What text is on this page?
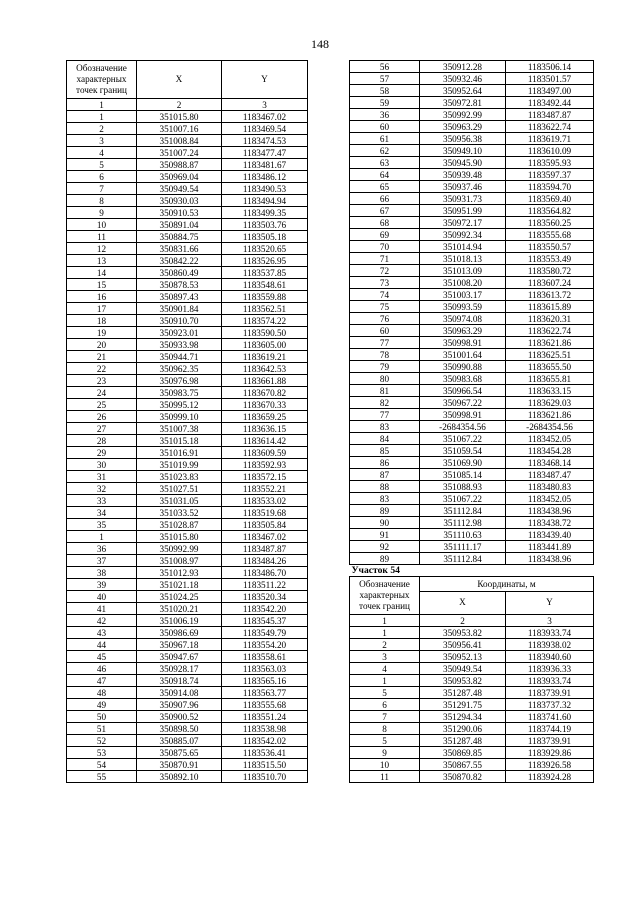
148
Обозначение характерных точек границ	X	Y
1	2	3
1	351015.80	1183467.02
2	351007.16	1183469.54
3	351008.84	1183474.53
4	351007.24	1183477.47
5	350988.87	1183481.67
6	350969.04	1183486.12
7	350949.54	1183490.53
8	350930.03	1183494.94
9	350910.53	1183499.35
10	350891.04	1183503.76
11	350884.75	1183505.18
12	350831.66	1183520.65
13	350842.22	1183526.95
14	350860.49	1183537.85
15	350878.53	1183548.61
16	350897.43	1183559.88
17	350901.84	1183562.51
18	350910.70	1183574.22
19	350923.01	1183590.50
20	350933.98	1183605.00
21	350944.71	1183619.21
22	350962.35	1183642.53
23	350976.98	1183661.88
24	350983.75	1183670.82
25	350995.12	1183670.33
26	350999.10	1183659.25
27	351007.38	1183636.15
28	351015.18	1183614.42
29	351016.91	1183609.59
30	351019.99	1183592.93
31	351023.83	1183572.15
32	351027.51	1183552.21
33	351031.05	1183533.02
34	351033.52	1183519.68
35	351028.87	1183505.84
1	351015.80	1183467.02
36	350992.99	1183487.87
37	351008.97	1183484.26
38	351012.93	1183486.70
39	351021.18	1183511.22
40	351024.25	1183520.34
41	351020.21	1183542.20
42	351006.19	1183545.37
43	350986.69	1183549.79
44	350967.18	1183554.20
45	350947.67	1183558.61
46	350928.17	1183563.03
47	350918.74	1183565.16
48	350914.08	1183563.77
49	350907.96	1183555.68
50	350900.52	1183551.24
51	350898.50	1183538.98
52	350885.07	1183542.02
53	350875.65	1183536.41
54	350870.91	1183515.50
55	350892.10	1183510.70
56	350912.28	1183506.14
57	350932.46	1183501.57
58	350952.64	1183497.00
59	350972.81	1183492.44
36	350992.99	1183487.87
60	350963.29	1183622.74
61	350956.38	1183619.71
62	350949.10	1183610.09
63	350945.90	1183595.93
64	350939.48	1183597.37
65	350937.46	1183594.70
66	350931.73	1183569.40
67	350951.99	1183564.82
68	350972.17	1183560.25
69	350992.34	1183555.68
70	351014.94	1183550.57
71	351018.13	1183553.49
72	351013.09	1183580.72
73	351008.20	1183607.24
74	351003.17	1183613.72
75	350993.59	1183615.89
76	350974.08	1183620.31
60	350963.29	1183622.74
77	350998.91	1183621.86
78	351001.64	1183625.51
79	350990.88	1183655.50
80	350983.68	1183655.81
81	350966.54	1183633.15
82	350967.22	1183629.03
77	350998.91	1183621.86
83	-2684354.56	-2684354.56
84	351067.22	1183452.05
85	351059.54	1183454.28
86	351069.90	1183468.14
87	351085.14	1183487.47
88	351088.93	1183480.83
83	351067.22	1183452.05
89	351112.84	1183438.96
90	351112.98	1183438.72
91	351110.63	1183439.40
92	351111.17	1183441.89
89	351112.84	1183438.96
Участок 54		
Обозначение характерных точек границ	Координаты, м	
	X	Y
1	2	3
1	350953.82	1183933.74
2	350956.41	1183938.02
3	350952.13	1183940.60
4	350949.54	1183936.33
1	350953.82	1183933.74
5	351287.48	1183739.91
6	351291.75	1183737.32
7	351294.34	1183741.60
8	351290.06	1183744.19
5	351287.48	1183739.91
9	350869.85	1183929.86
10	350867.55	1183926.58
11	350870.82	1183924.28
